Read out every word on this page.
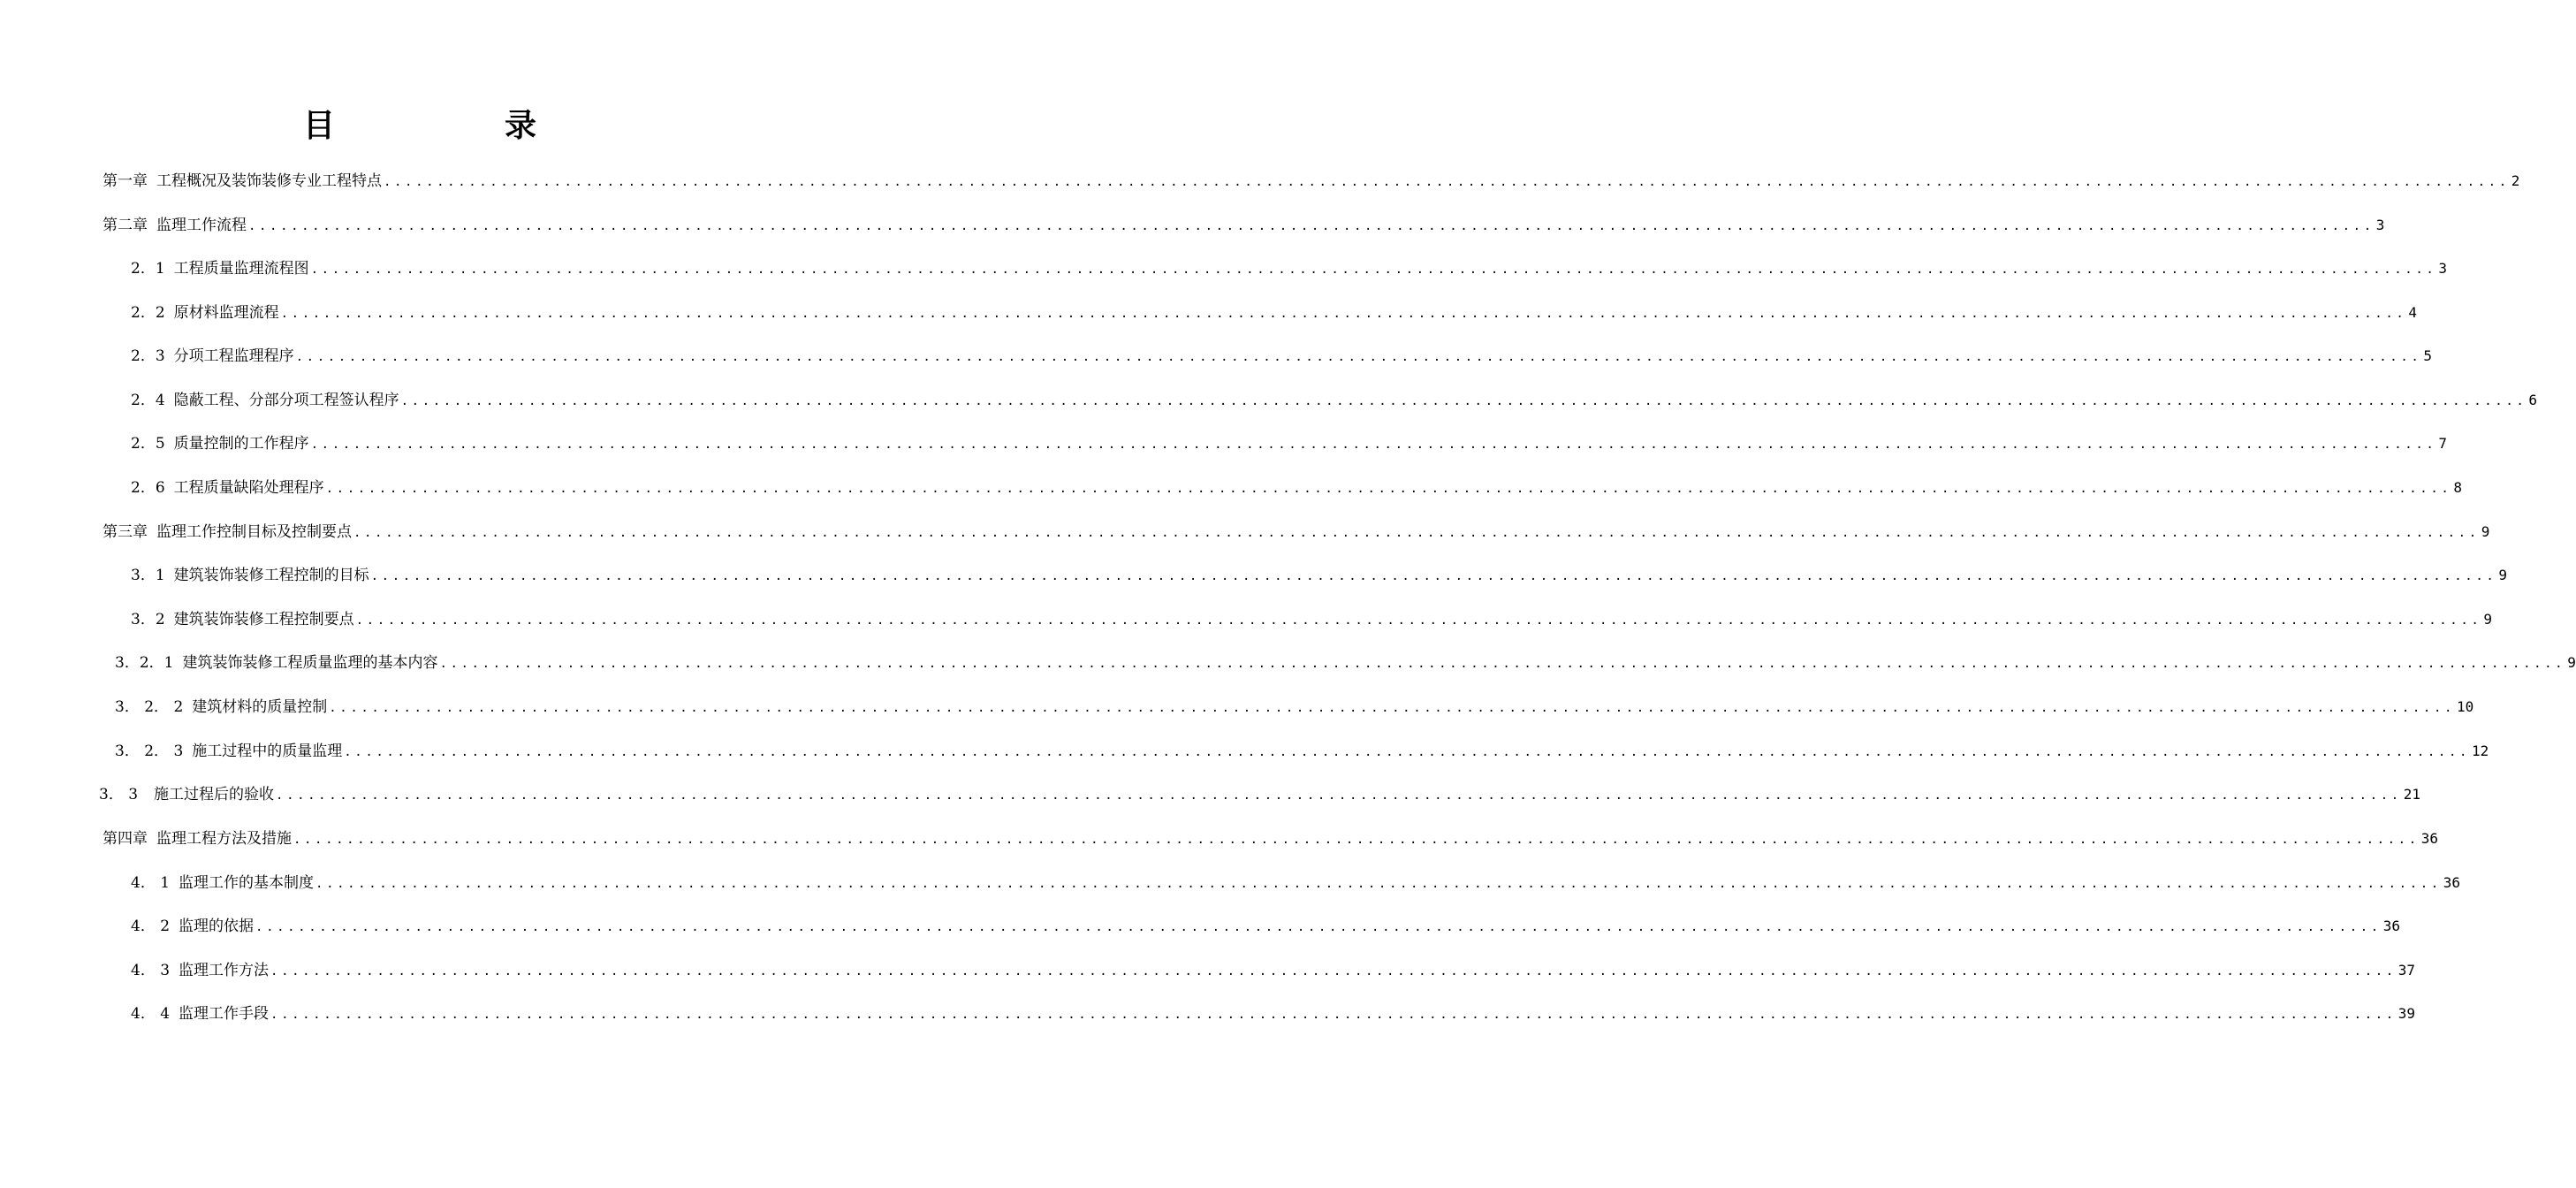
目　录
第一章 工程概况及装饰装修专业工程特点 ........................................................................................................................................................................................................ 2
第二章 监理工作流程 ........................................................................................................................................................................................................ 3
2．1 工程质量监理流程图 ........................................................................................................................................................................................................ 3
2．2 原材料监理流程 ........................................................................................................................................................................................................ 4
2．3 分项工程监理程序 ........................................................................................................................................................................................................ 5
2．4 隐蔽工程、分部分项工程签认程序 ........................................................................................................................................................................................................ 6
2．5 质量控制的工作程序 ........................................................................................................................................................................................................ 7
2．6 工程质量缺陷处理程序 ........................................................................................................................................................................................................ 8
第三章 监理工作控制目标及控制要点 ........................................................................................................................................................................................................ 9
3．1 建筑装饰装修工程控制的目标 ........................................................................................................................................................................................................ 9
3．2 建筑装饰装修工程控制要点 ........................................................................................................................................................................................................ 9
3．2．1 建筑装饰装修工程质量监理的基本内容 ........................................................................................................................................................................................................ 9
3． 2． 2 建筑材料的质量控制 ........................................................................................................................................................................................................ 10
3． 2． 3 施工过程中的质量监理 ........................................................................................................................................................................................................ 12
3． 3 施工过程后的验收 ........................................................................................................................................................................................................ 21
第四章 监理工程方法及措施 ........................................................................................................................................................................................................ 36
4． 1 监理工作的基本制度 ........................................................................................................................................................................................................ 36
4． 2 监理的依据 ........................................................................................................................................................................................................ 36
4． 3 监理工作方法 ........................................................................................................................................................................................................ 37
4． 4 监理工作手段 ........................................................................................................................................................................................................ 39
